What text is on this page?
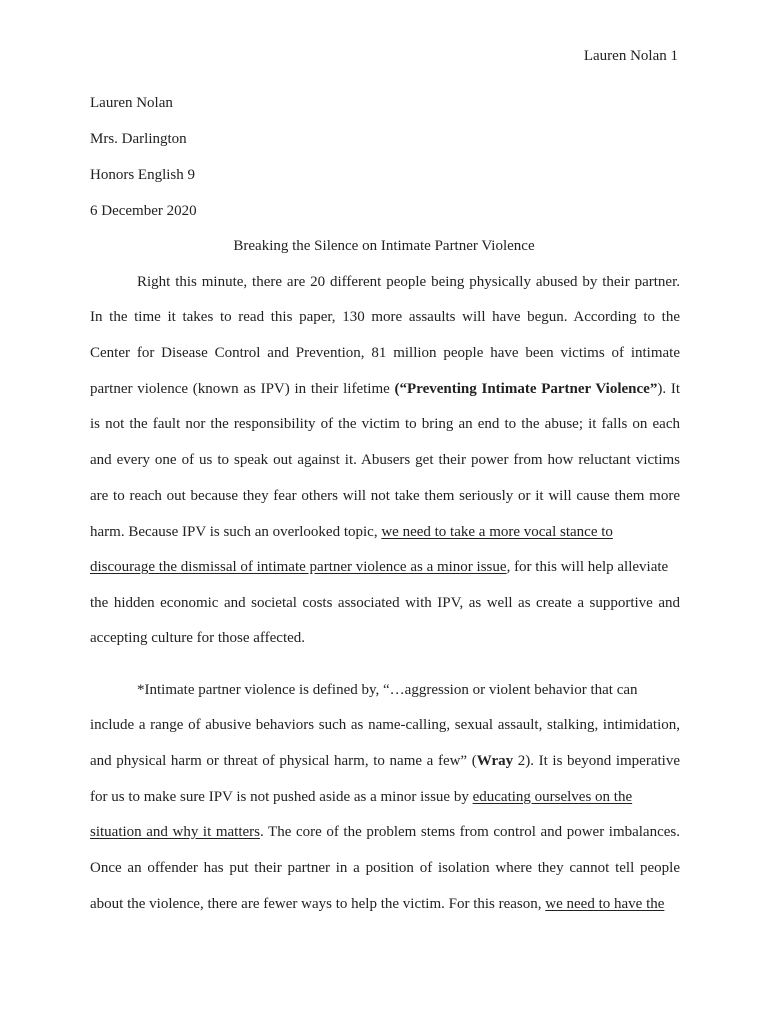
Lauren Nolan 1
Lauren Nolan
Mrs. Darlington
Honors English 9
6 December 2020
Breaking the Silence on Intimate Partner Violence
Right this minute, there are 20 different people being physically abused by their partner.
In the time it takes to read this paper, 130 more assaults will have begun. According to the
Center for Disease Control and Prevention, 81 million people have been victims of intimate
partner violence (known as IPV) in their lifetime (“Preventing Intimate Partner Violence”). It
is not the fault nor the responsibility of the victim to bring an end to the abuse; it falls on each
and every one of us to speak out against it. Abusers get their power from how reluctant victims
are to reach out because they fear others will not take them seriously or it will cause them more
harm. Because IPV is such an overlooked topic, we need to take a more vocal stance to
discourage the dismissal of intimate partner violence as a minor issue, for this will help alleviate
the hidden economic and societal costs associated with IPV, as well as create a supportive and
accepting culture for those affected.
*Intimate partner violence is defined by, “…aggression or violent behavior that can
include a range of abusive behaviors such as name-calling, sexual assault, stalking, intimidation,
and physical harm or threat of physical harm, to name a few” (Wray 2). It is beyond imperative
for us to make sure IPV is not pushed aside as a minor issue by educating ourselves on the
situation and why it matters. The core of the problem stems from control and power imbalances.
Once an offender has put their partner in a position of isolation where they cannot tell people
about the violence, there are fewer ways to help the victim. For this reason, we need to have the
